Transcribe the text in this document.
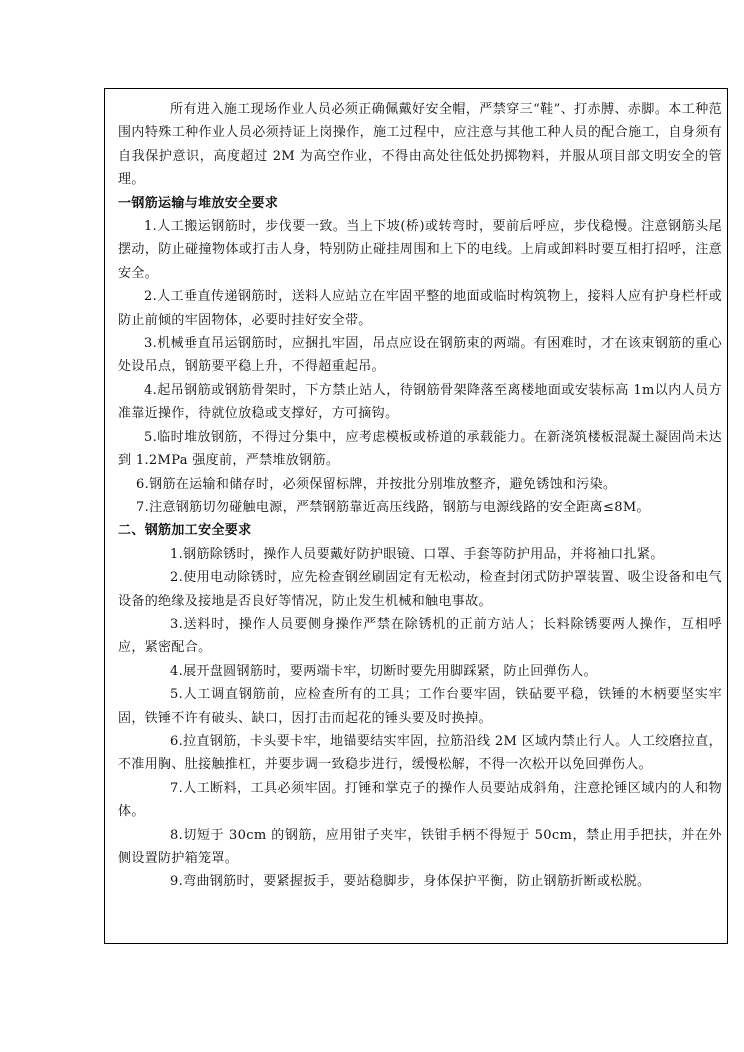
所有进入施工现场作业人员必须正确佩戴好安全帽，严禁穿三“鞋”、打赤膊、赤脚。本工种范围内特殊工种作业人员必须持证上岗操作，施工过程中，应注意与其他工种人员的配合施工，自身须有自我保护意识，高度超过 2M 为高空作业，不得由高处往低处扔掷物料，并服从项目部文明安全的管理。

一钢筋运输与堆放安全要求

1.人工搬运钢筋时，步伐要一致。当上下坡(桥)或转弯时，要前后呼应，步伐稳慢。注意钢筋头尾摆动，防止碰撞物体或打击人身，特别防止碰挂周围和上下的电线。上肩或卸料时要互相打招呼，注意安全。

2.人工垂直传递钢筋时，送料人应站立在牢固平整的地面或临时构筑物上，接料人应有护身栏杆或防止前倾的牢固物体，必要时挂好安全带。

3.机械垂直吊运钢筋时，应捆扎牢固，吊点应设在钢筋束的两端。有困难时，才在该束钢筋的重心处设吊点，钢筋要平稳上升，不得超重起吊。

4.起吊钢筋或钢筋骨架时，下方禁止站人，待钢筋骨架降落至离楼地面或安装标高 1m以内人员方准靠近操作，待就位放稳或支撑好，方可摘钩。

5.临时堆放钢筋，不得过分集中，应考虑模板或桥道的承载能力。在新浇筑楼板混凝土凝固尚未达到 1.2MPa 强度前，严禁堆放钢筋。

6.钢筋在运输和储存时，必须保留标牌，并按批分别堆放整齐，避免锈蚀和污染。

7.注意钢筋切勿碰触电源，严禁钢筋靠近高压线路，钢筋与电源线路的安全距离≤8M。

二、钢筋加工安全要求

1.钢筋除锈时，操作人员要戴好防护眼镜、口罩、手套等防护用品，并将袖口扎紧。

2.使用电动除锈时，应先检查钢丝刷固定有无松动，检查封闭式防护罩装置、吸尘设备和电气设备的绝缘及接地是否良好等情况，防止发生机械和触电事故。

3.送料时，操作人员要侧身操作严禁在除锈机的正前方站人；长料除锈要两人操作，互相呼应，紧密配合。

4.展开盘圆钢筋时，要两端卡牢，切断时要先用脚踩紧，防止回弹伤人。

5.人工调直钢筋前，应检查所有的工具；工作台要牢固，铁砧要平稳，铁锤的木柄要坚实牢固，铁锤不许有破头、缺口，因打击而起花的锤头要及时换掉。

6.拉直钢筋，卡头要卡牢，地锚要结实牢固，拉筋沿线 2M 区域内禁止行人。人工绞磨拉直，不准用胸、肚接触推杠，并要步调一致稳步进行，缓慢松解，不得一次松开以免回弹伤人。

7.人工断料，工具必须牢固。打锤和掌克子的操作人员要站成斜角，注意抡锤区域内的人和物体。

8.切短于 30cm 的钢筋，应用钳子夹牢，铁钳手柄不得短于 50cm，禁止用手把扶，并在外侧设置防护箱笼罩。

9.弯曲钢筋时，要紧握扳手，要站稳脚步，身体保护平衡，防止钢筋折断或松脱。
